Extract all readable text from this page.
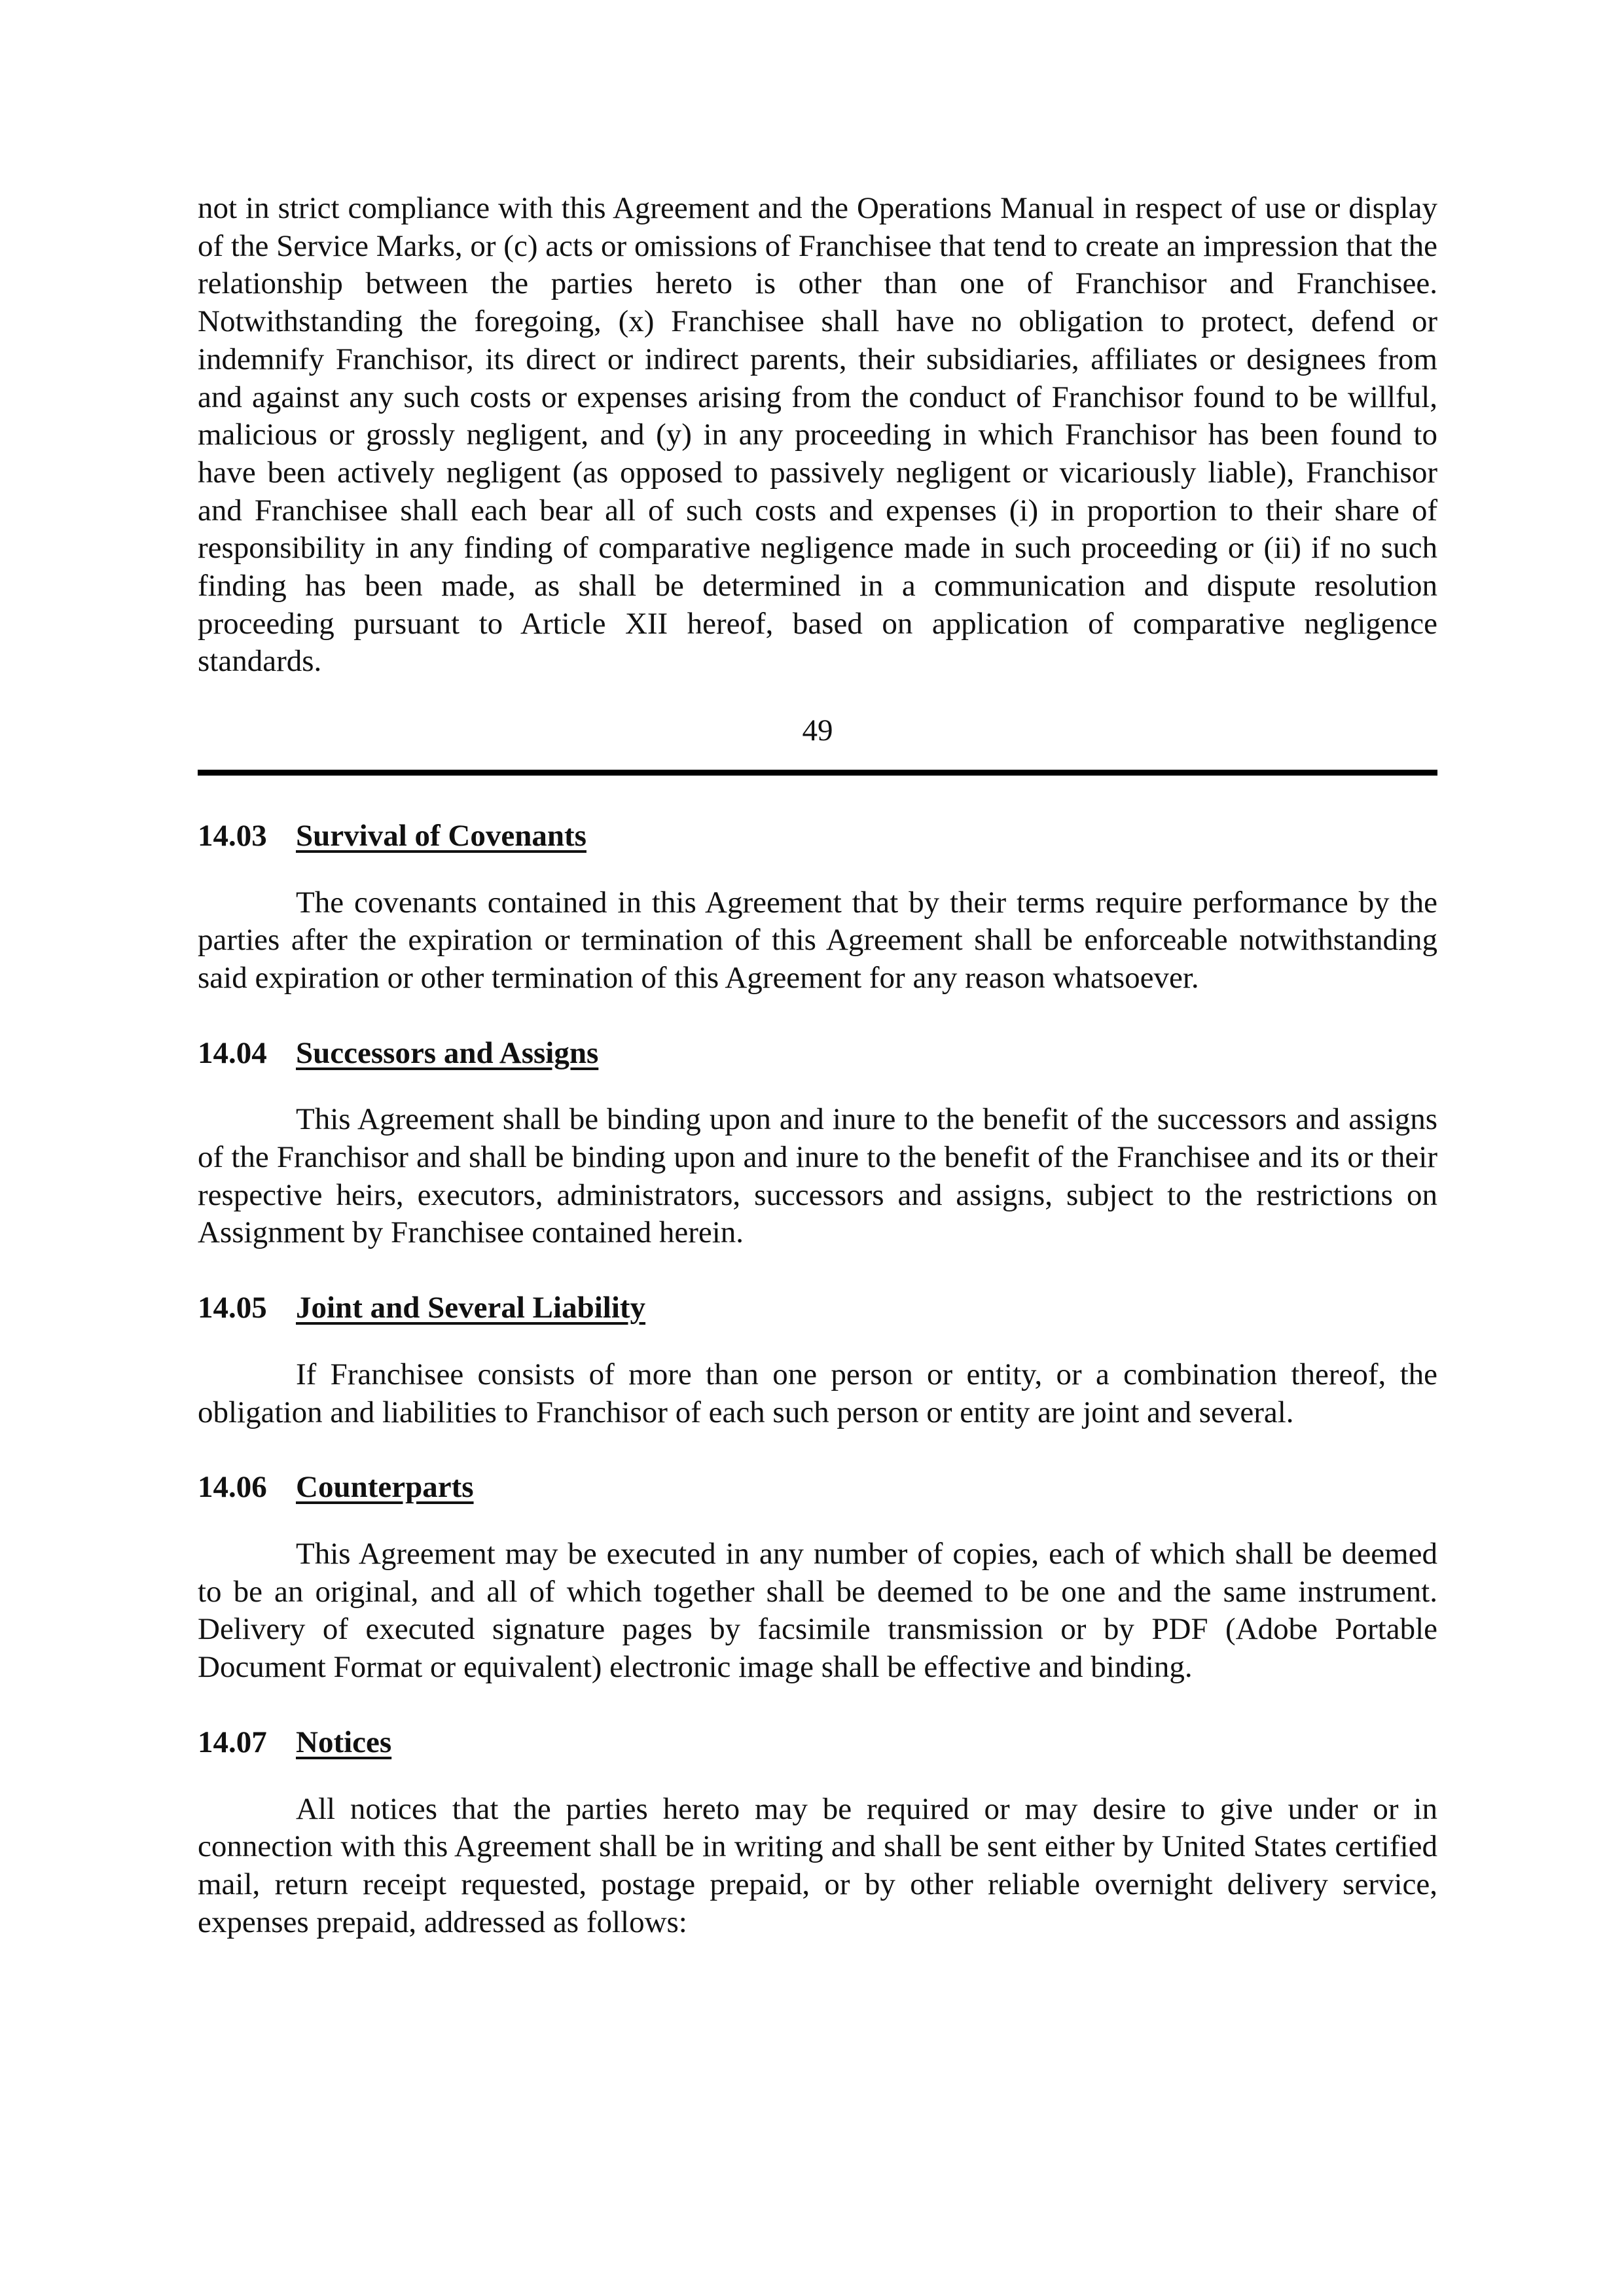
not in strict compliance with this Agreement and the Operations Manual in respect of use or display of the Service Marks, or (c) acts or omissions of Franchisee that tend to create an impression that the relationship between the parties hereto is other than one of Franchisor and Franchisee. Notwithstanding the foregoing, (x) Franchisee shall have no obligation to protect, defend or indemnify Franchisor, its direct or indirect parents, their subsidiaries, affiliates or designees from and against any such costs or expenses arising from the conduct of Franchisor found to be willful, malicious or grossly negligent, and (y) in any proceeding in which Franchisor has been found to have been actively negligent (as opposed to passively negligent or vicariously liable), Franchisor and Franchisee shall each bear all of such costs and expenses (i) in proportion to their share of responsibility in any finding of comparative negligence made in such proceeding or (ii) if no such finding has been made, as shall be determined in a communication and dispute resolution proceeding pursuant to Article XII hereof, based on application of comparative negligence standards.

49

14.03 Survival of Covenants

The covenants contained in this Agreement that by their terms require performance by the parties after the expiration or termination of this Agreement shall be enforceable notwithstanding said expiration or other termination of this Agreement for any reason whatsoever.

14.04 Successors and Assigns

This Agreement shall be binding upon and inure to the benefit of the successors and assigns of the Franchisor and shall be binding upon and inure to the benefit of the Franchisee and its or their respective heirs, executors, administrators, successors and assigns, subject to the restrictions on Assignment by Franchisee contained herein.

14.05 Joint and Several Liability

If Franchisee consists of more than one person or entity, or a combination thereof, the obligation and liabilities to Franchisor of each such person or entity are joint and several.

14.06 Counterparts

This Agreement may be executed in any number of copies, each of which shall be deemed to be an original, and all of which together shall be deemed to be one and the same instrument. Delivery of executed signature pages by facsimile transmission or by PDF (Adobe Portable Document Format or equivalent) electronic image shall be effective and binding.

14.07 Notices

All notices that the parties hereto may be required or may desire to give under or in connection with this Agreement shall be in writing and shall be sent either by United States certified mail, return receipt requested, postage prepaid, or by other reliable overnight delivery service, expenses prepaid, addressed as follows:
